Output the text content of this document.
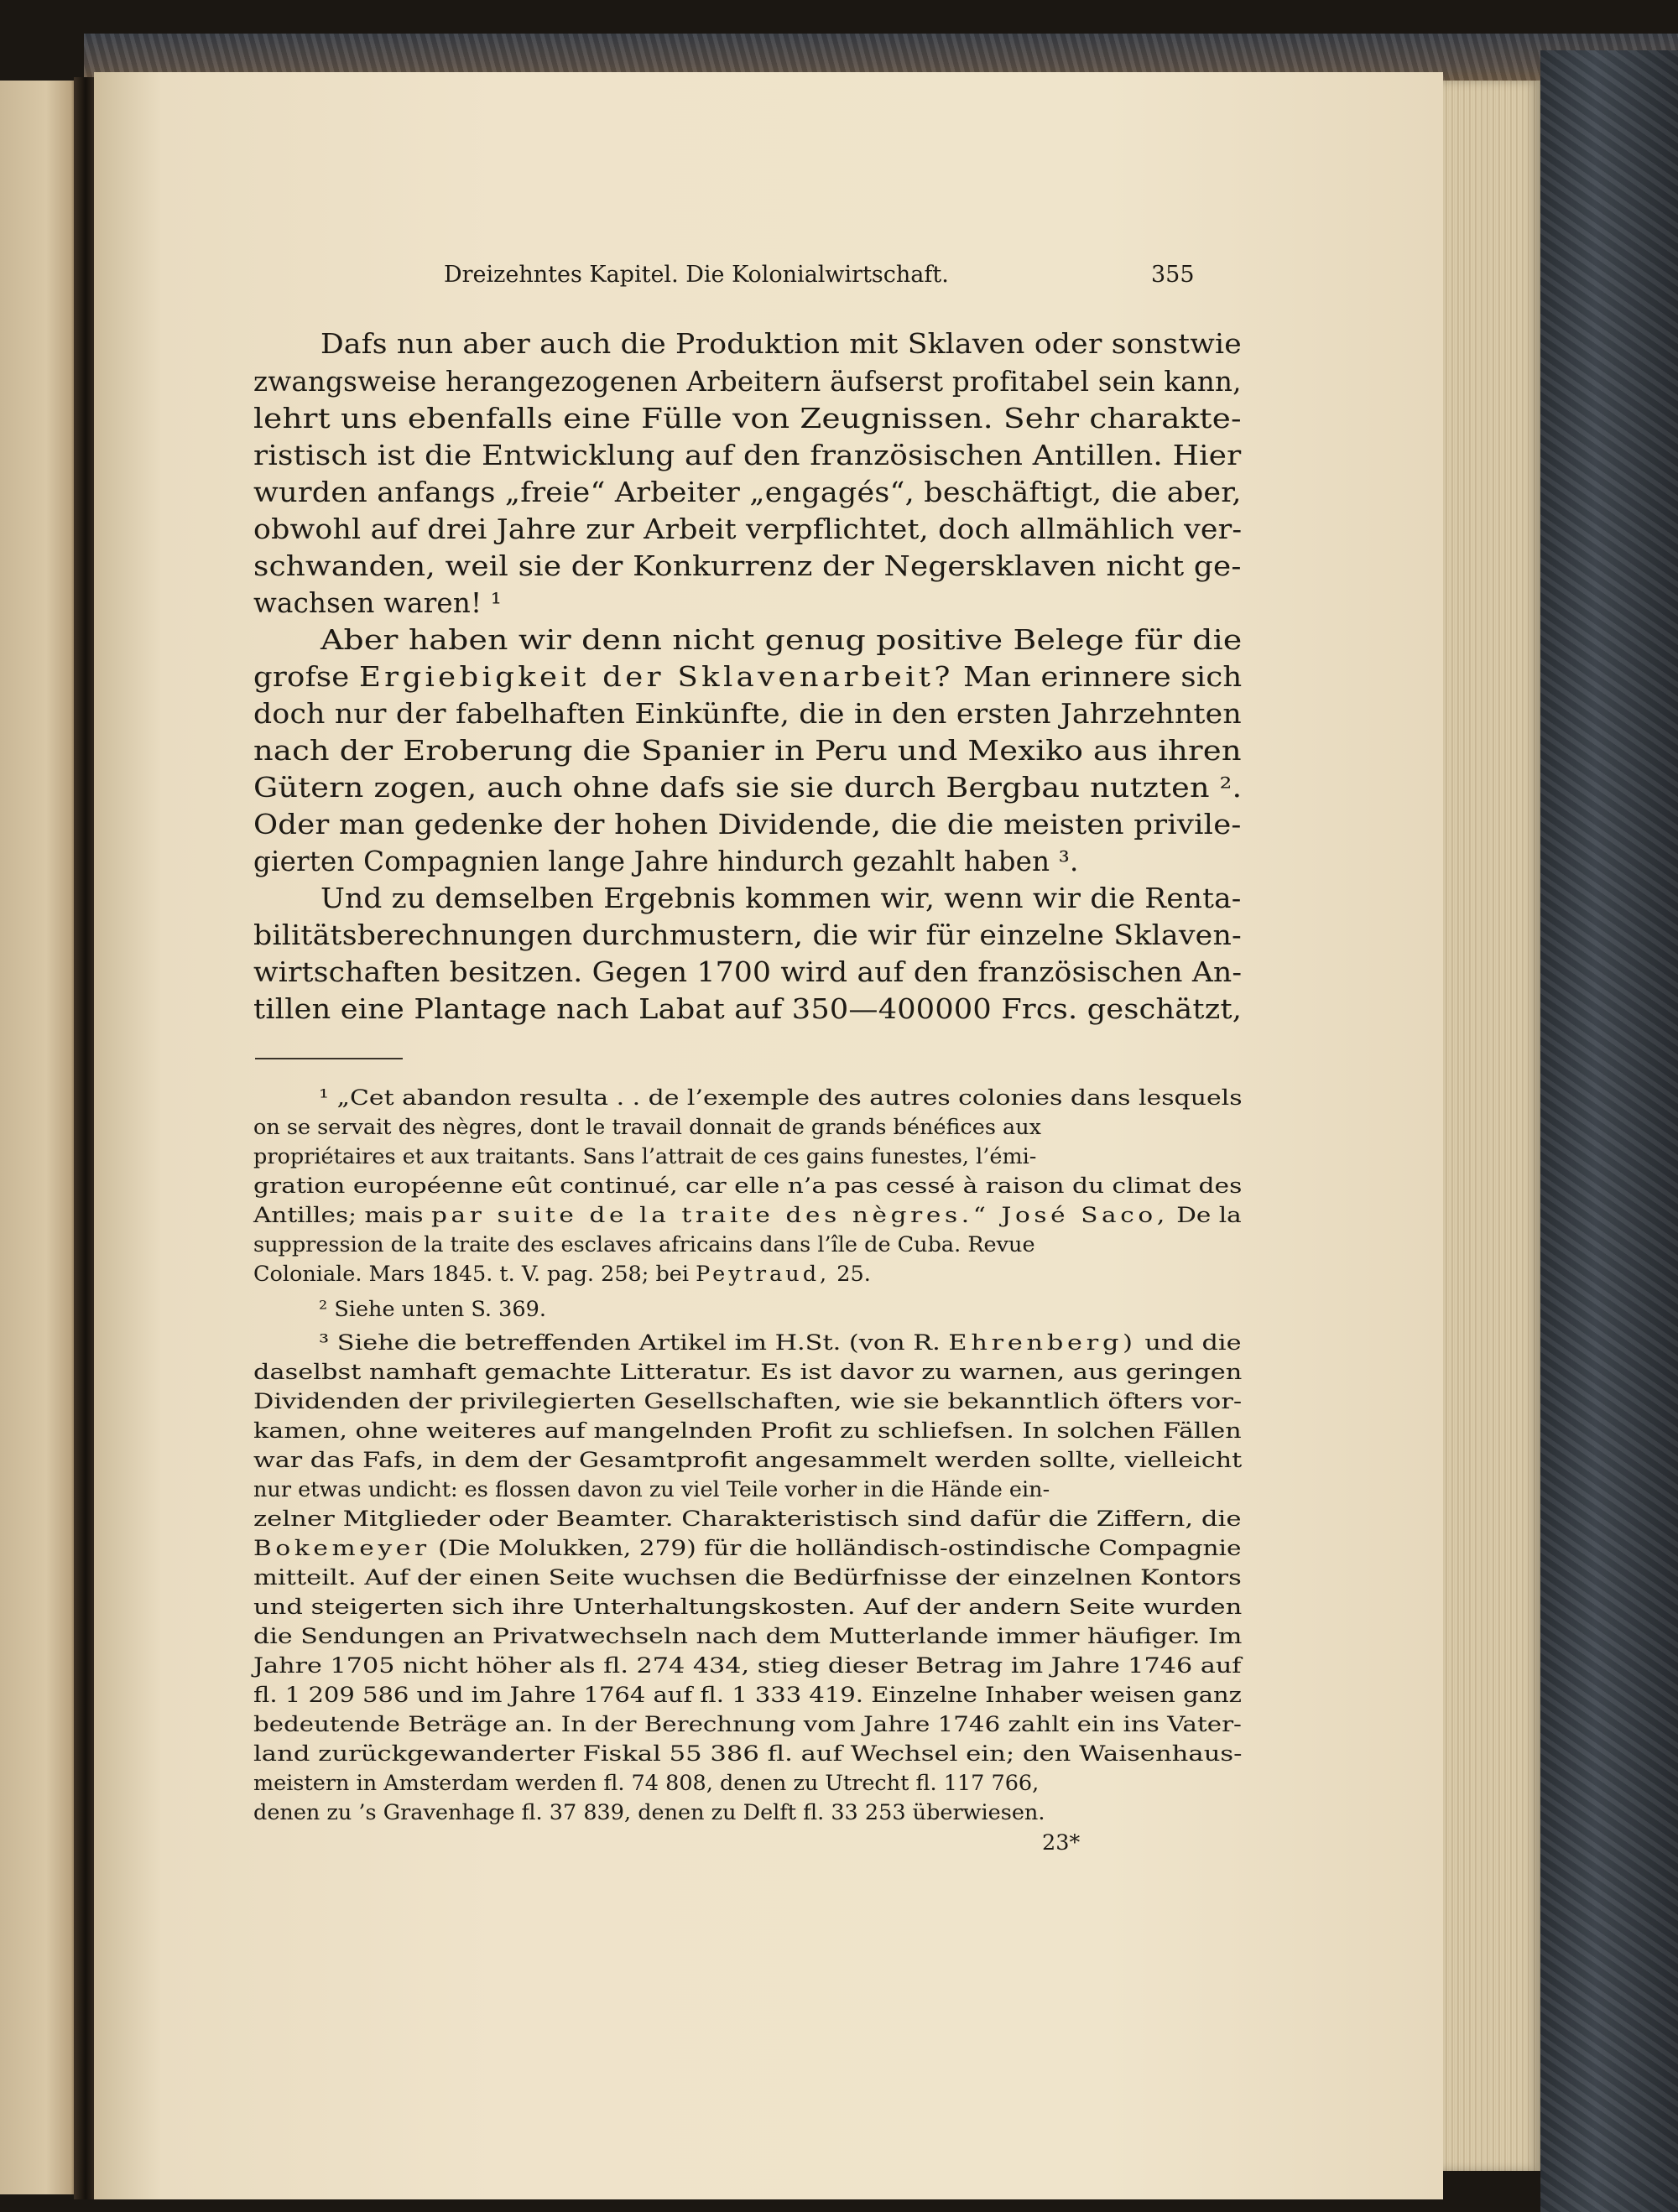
Dreizehntes Kapitel. Die Kolonialwirtschaft.	355

Dafs nun aber auch die Produktion mit Sklaven oder sonstwie

zwangsweise herangezogenen Arbeitern äufserst profitabel sein kann,

lehrt uns ebenfalls eine Fülle von Zeugnissen. Sehr charakte-

ristisch ist die Entwicklung auf den französischen Antillen. Hier

wurden anfangs „freie“ Arbeiter „engagés“, beschäftigt, die aber,

obwohl auf drei Jahre zur Arbeit verpflichtet, doch allmählich ver-

schwanden, weil sie der Konkurrenz der Negersklaven nicht ge-

wachsen waren! ¹

Aber haben wir denn nicht genug positive Belege für die

grofse Ergiebigkeit der Sklavenarbeit? Man erinnere sich

doch nur der fabelhaften Einkünfte, die in den ersten Jahrzehnten

nach der Eroberung die Spanier in Peru und Mexiko aus ihren

Gütern zogen, auch ohne dafs sie sie durch Bergbau nutzten ².

Oder man gedenke der hohen Dividende, die die meisten privile-

gierten Compagnien lange Jahre hindurch gezahlt haben ³.

Und zu demselben Ergebnis kommen wir, wenn wir die Renta-

bilitätsberechnungen durchmustern, die wir für einzelne Sklaven-

wirtschaften besitzen. Gegen 1700 wird auf den französischen An-

tillen eine Plantage nach Labat auf 350—400000 Frcs. geschätzt,

¹ „Cet abandon resulta . . de l’exemple des autres colonies dans lesquels

on se servait des nègres, dont le travail donnait de grands bénéfices aux

propriétaires et aux traitants. Sans l’attrait de ces gains funestes, l’émi-

gration européenne eût continué, car elle n’a pas cessé à raison du climat des

Antilles; mais par suite de la traite des nègres.“ José Saco, De la

suppression de la traite des esclaves africains dans l’île de Cuba. Revue

Coloniale. Mars 1845. t. V. pag. 258; bei Peytraud, 25.

² Siehe unten S. 369.

³ Siehe die betreffenden Artikel im H.St. (von R. Ehrenberg) und die

daselbst namhaft gemachte Litteratur. Es ist davor zu warnen, aus geringen

Dividenden der privilegierten Gesellschaften, wie sie bekanntlich öfters vor-

kamen, ohne weiteres auf mangelnden Profit zu schliefsen. In solchen Fällen

war das Fafs, in dem der Gesamtprofit angesammelt werden sollte, vielleicht

nur etwas undicht: es flossen davon zu viel Teile vorher in die Hände ein-

zelner Mitglieder oder Beamter. Charakteristisch sind dafür die Ziffern, die

Bokemeyer (Die Molukken, 279) für die holländisch-ostindische Compagnie

mitteilt. Auf der einen Seite wuchsen die Bedürfnisse der einzelnen Kontors

und steigerten sich ihre Unterhaltungskosten. Auf der andern Seite wurden

die Sendungen an Privatwechseln nach dem Mutterlande immer häufiger. Im

Jahre 1705 nicht höher als fl. 274 434, stieg dieser Betrag im Jahre 1746 auf

fl. 1 209 586 und im Jahre 1764 auf fl. 1 333 419. Einzelne Inhaber weisen ganz

bedeutende Beträge an. In der Berechnung vom Jahre 1746 zahlt ein ins Vater-

land zurückgewanderter Fiskal 55 386 fl. auf Wechsel ein; den Waisenhaus-

meistern in Amsterdam werden fl. 74 808, denen zu Utrecht fl. 117 766,

denen zu ’s Gravenhage fl. 37 839, denen zu Delft fl. 33 253 überwiesen.

23*
